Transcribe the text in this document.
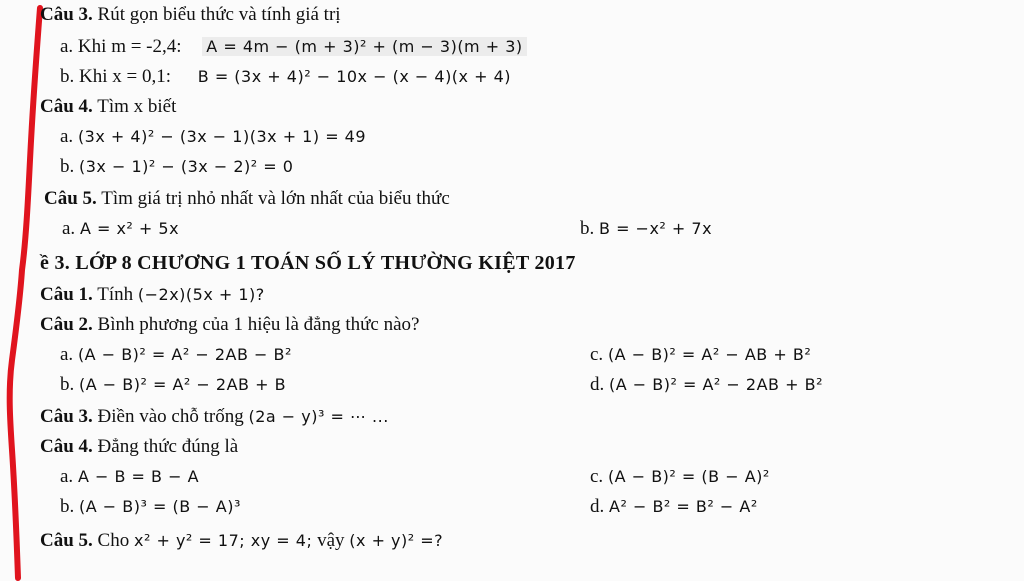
Câu 3. Rút gọn biểu thức và tính giá trị
a. Khi m = -2,4: A = 4m − (m + 3)² + (m − 3)(m + 3)
b. Khi x = 0,1: B = (3x + 4)² − 10x − (x − 4)(x + 4)
Câu 4. Tìm x biết
a. (3x + 4)² − (3x − 1)(3x + 1) = 49
b. (3x − 1)² − (3x − 2)² = 0
Câu 5. Tìm giá trị nhỏ nhất và lớn nhất của biểu thức
a. A = x² + 5x	b. B = −x² + 7x
ề 3. LỚP 8 CHƯƠNG 1 TOÁN SỐ LÝ THƯỜNG KIỆT 2017
Câu 1. Tính (−2x)(5x + 1)?
Câu 2. Bình phương của 1 hiệu là đẳng thức nào?
a. (A − B)² = A² − 2AB − B²	c. (A − B)² = A² − AB + B²
b. (A − B)² = A² − 2AB + B	d. (A − B)² = A² − 2AB + B²
Câu 3. Điền vào chỗ trống (2a − y)³ = ⋯ ...
Câu 4. Đẳng thức đúng là
a. A − B = B − A	c. (A − B)² = (B − A)²
b. (A − B)³ = (B − A)³	d. A² − B² = B² − A²
Câu 5. Cho x² + y² = 17; xy = 4; vậy (x + y)² =?
